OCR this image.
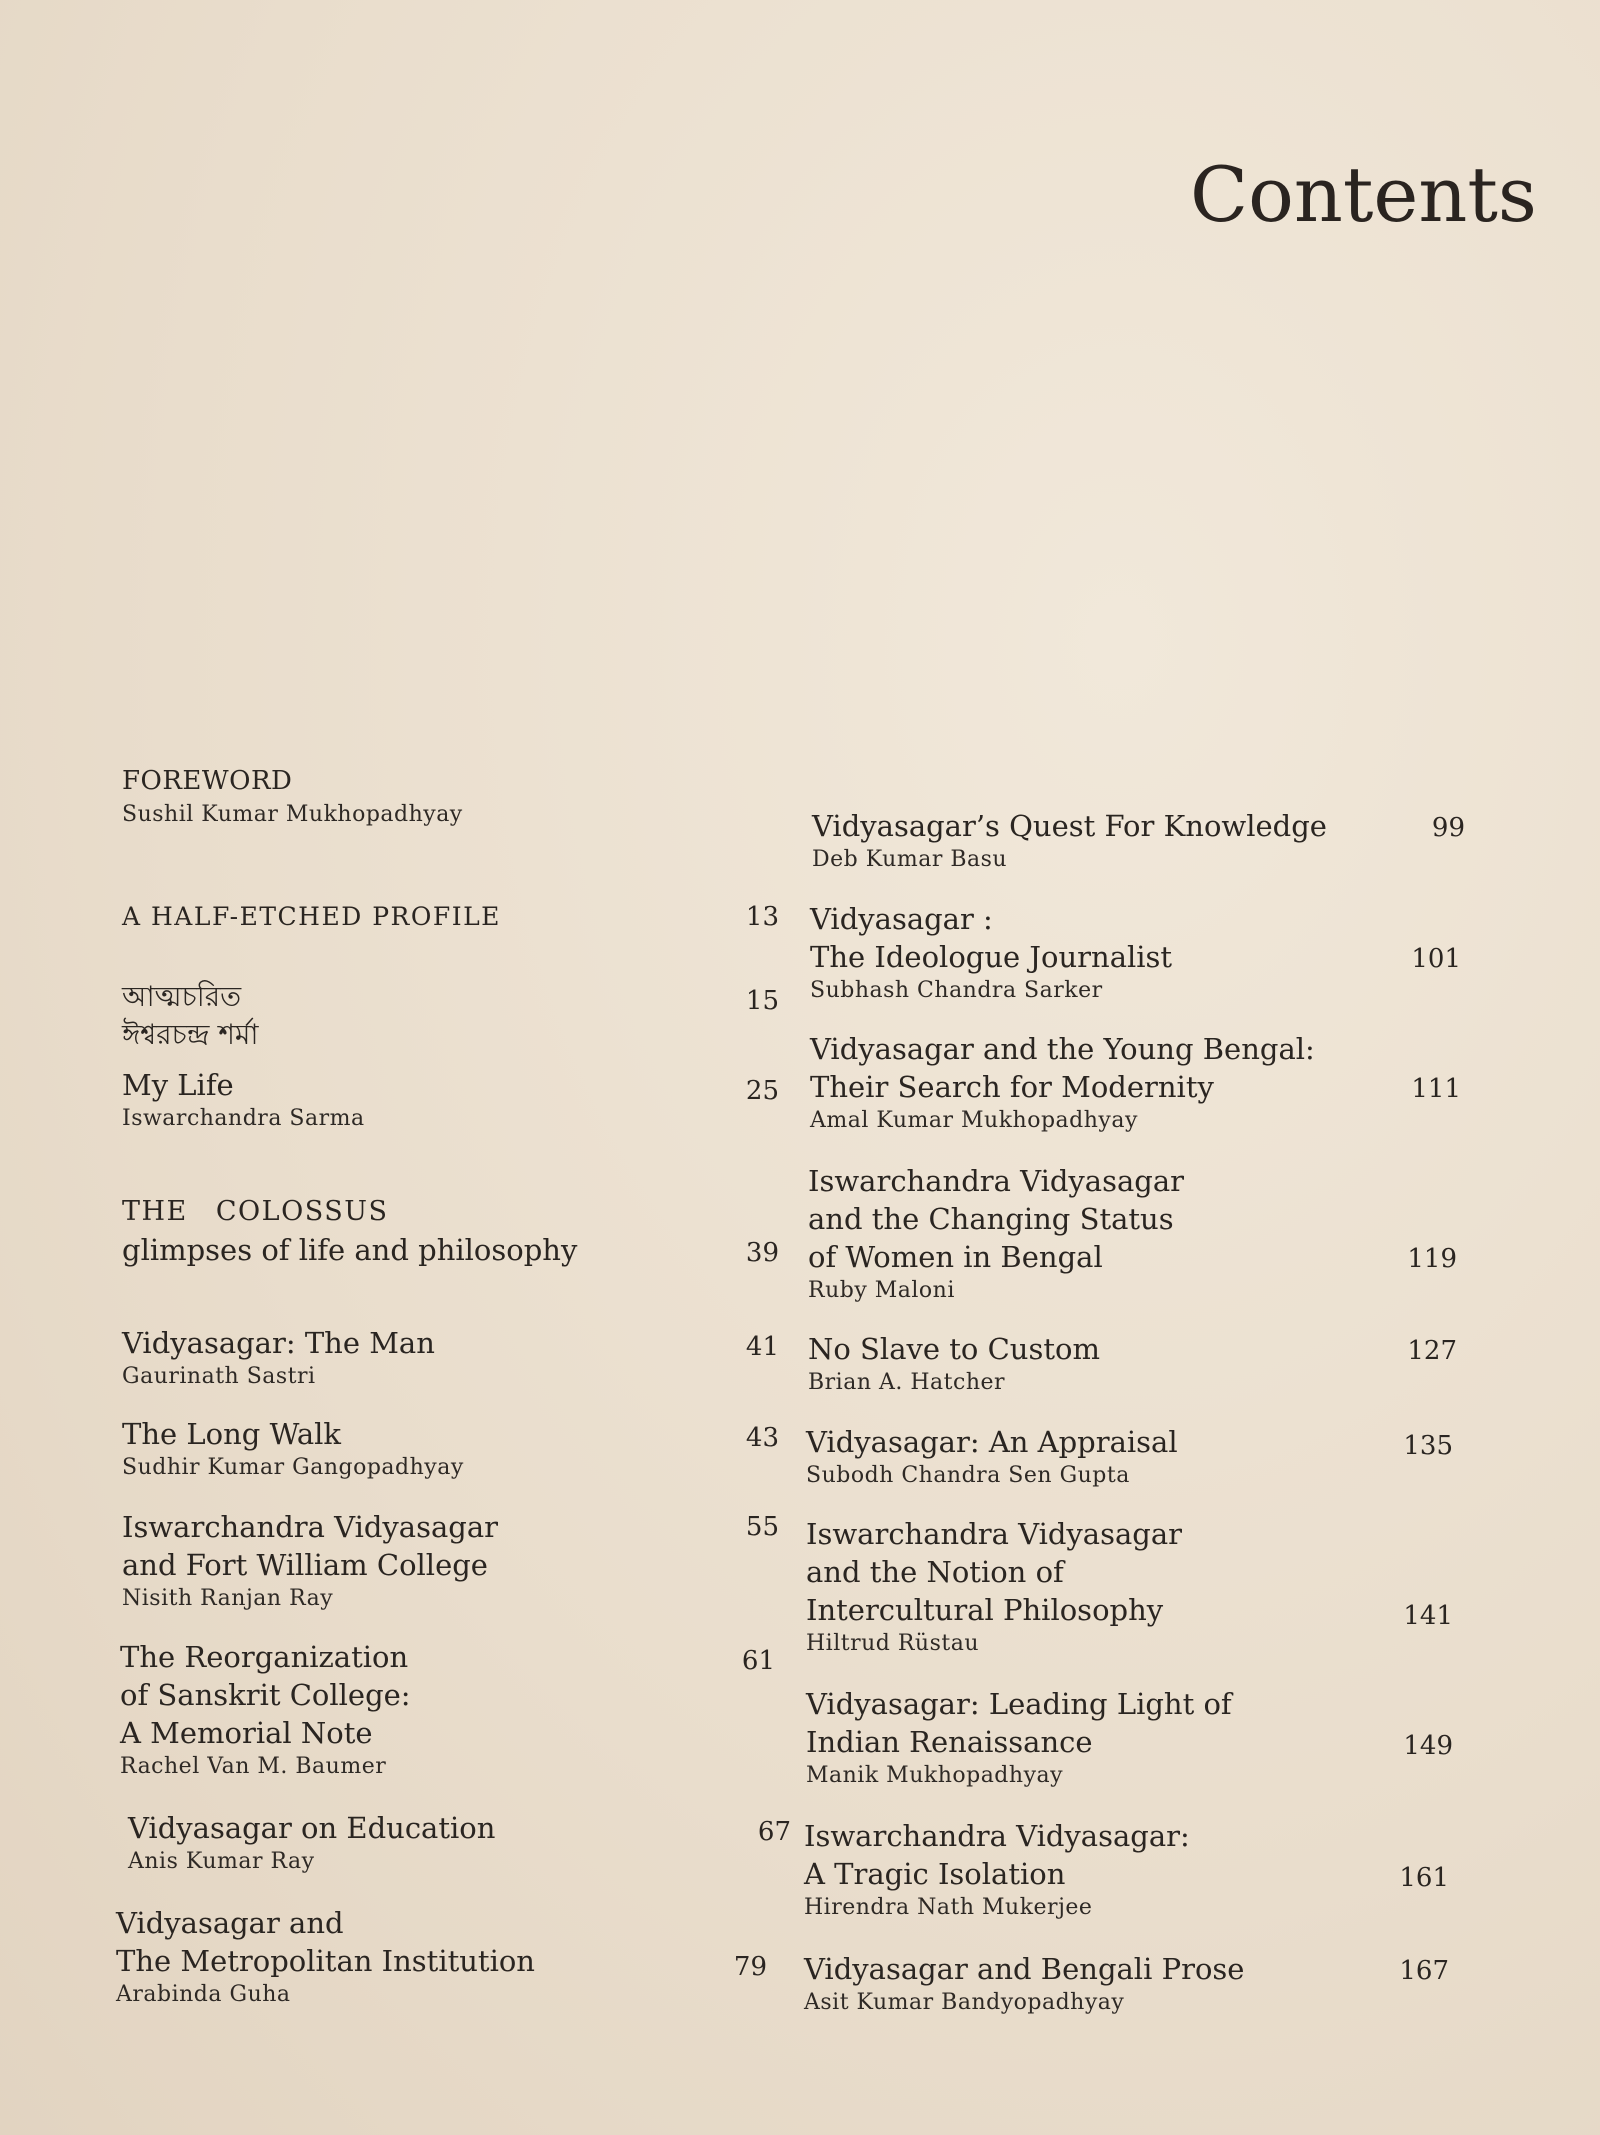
Contents
FOREWORD
Sushil Kumar Mukhopadhyay
A HALF-ETCHED PROFILE	13
আত্মচরিত
ঈশ্বরচন্দ্র শর্মা
15
My Life
Iswarchandra Sarma
25
THE COLOSSUS
glimpses of life and philosophy	39
Vidyasagar: The Man
Gaurinath Sastri
41
The Long Walk
Sudhir Kumar Gangopadhyay
43
Iswarchandra Vidyasagar
and Fort William College
Nisith Ranjan Ray
55
The Reorganization
of Sanskrit College:
A Memorial Note
Rachel Van M. Baumer
61
Vidyasagar on Education
Anis Kumar Ray
67
Vidyasagar and
The Metropolitan Institution
Arabinda Guha
79
Vidyasagar’s Quest For Knowledge
Deb Kumar Basu
99
Vidyasagar :
The Ideologue Journalist
Subhash Chandra Sarker
101
Vidyasagar and the Young Bengal:
Their Search for Modernity
Amal Kumar Mukhopadhyay
111
Iswarchandra Vidyasagar
and the Changing Status
of Women in Bengal
Ruby Maloni
119
No Slave to Custom
Brian A. Hatcher
127
Vidyasagar: An Appraisal
Subodh Chandra Sen Gupta
135
Iswarchandra Vidyasagar
and the Notion of
Intercultural Philosophy
Hiltrud Rüstau
141
Vidyasagar: Leading Light of
Indian Renaissance
Manik Mukhopadhyay
149
Iswarchandra Vidyasagar:
A Tragic Isolation
Hirendra Nath Mukerjee
161
Vidyasagar and Bengali Prose
Asit Kumar Bandyopadhyay
167
